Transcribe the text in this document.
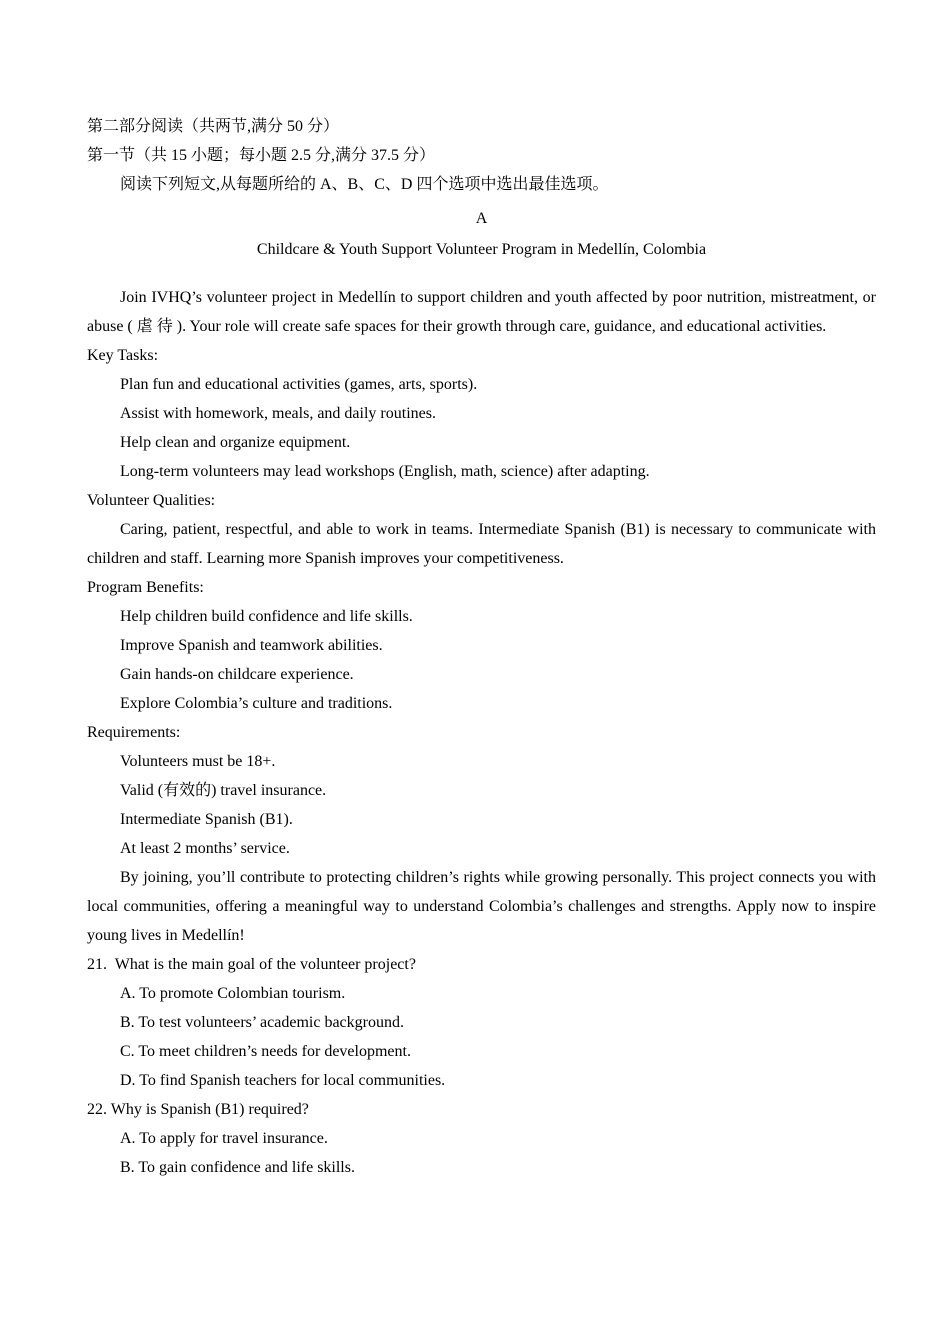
第二部分阅读（共两节,满分 50 分）

第一节（共 15 小题；每小题 2.5 分,满分 37.5 分）

阅读下列短文,从每题所给的 A、B、C、D 四个选项中选出最佳选项。

A

Childcare & Youth Support Volunteer Program in Medellín, Colombia

Join IVHQ’s volunteer project in Medellín to support children and youth affected by poor nutrition, mistreatment, or abuse ( 虐 待 ). Your role will create safe spaces for their growth through care, guidance, and educational activities.

Key Tasks:

Plan fun and educational activities (games, arts, sports).

Assist with homework, meals, and daily routines.

Help clean and organize equipment.

Long-term volunteers may lead workshops (English, math, science) after adapting.

Volunteer Qualities:

Caring, patient, respectful, and able to work in teams. Intermediate Spanish (B1) is necessary to communicate with children and staff. Learning more Spanish improves your competitiveness.

Program Benefits:

Help children build confidence and life skills.

Improve Spanish and teamwork abilities.

Gain hands-on childcare experience.

Explore Colombia’s culture and traditions.

Requirements:

Volunteers must be 18+.

Valid (有效的) travel insurance.

Intermediate Spanish (B1).

At least 2 months’ service.

By joining, you’ll contribute to protecting children’s rights while growing personally. This project connects you with local communities, offering a meaningful way to understand Colombia’s challenges and strengths. Apply now to inspire young lives in Medellín!

21.  What is the main goal of the volunteer project?

A. To promote Colombian tourism.

B. To test volunteers’ academic background.

C. To meet children’s needs for development.

D. To find Spanish teachers for local communities.

22. Why is Spanish (B1) required?

A. To apply for travel insurance.

B. To gain confidence and life skills.
